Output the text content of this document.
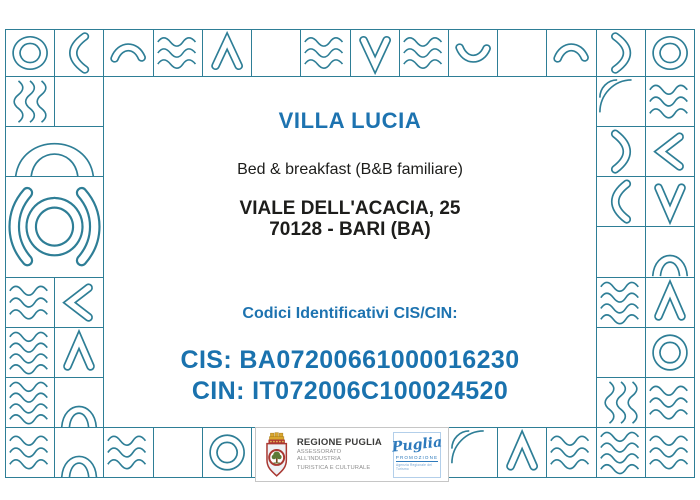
VILLA LUCIA
Bed & breakfast (B&B familiare)
VIALE DELL'ACACIA, 25
70128 - BARI (BA)
Codici Identificativi CIS/CIN:
CIS: BA07200661000016230
CIN: IT072006C100024520
REGIONE PUGLIA
ASSESSORATO ALL'INDUSTRIA
TURISTICA E CULTURALE
Puglia
PROMOZIONE
Agenzia Regionale del Turismo
